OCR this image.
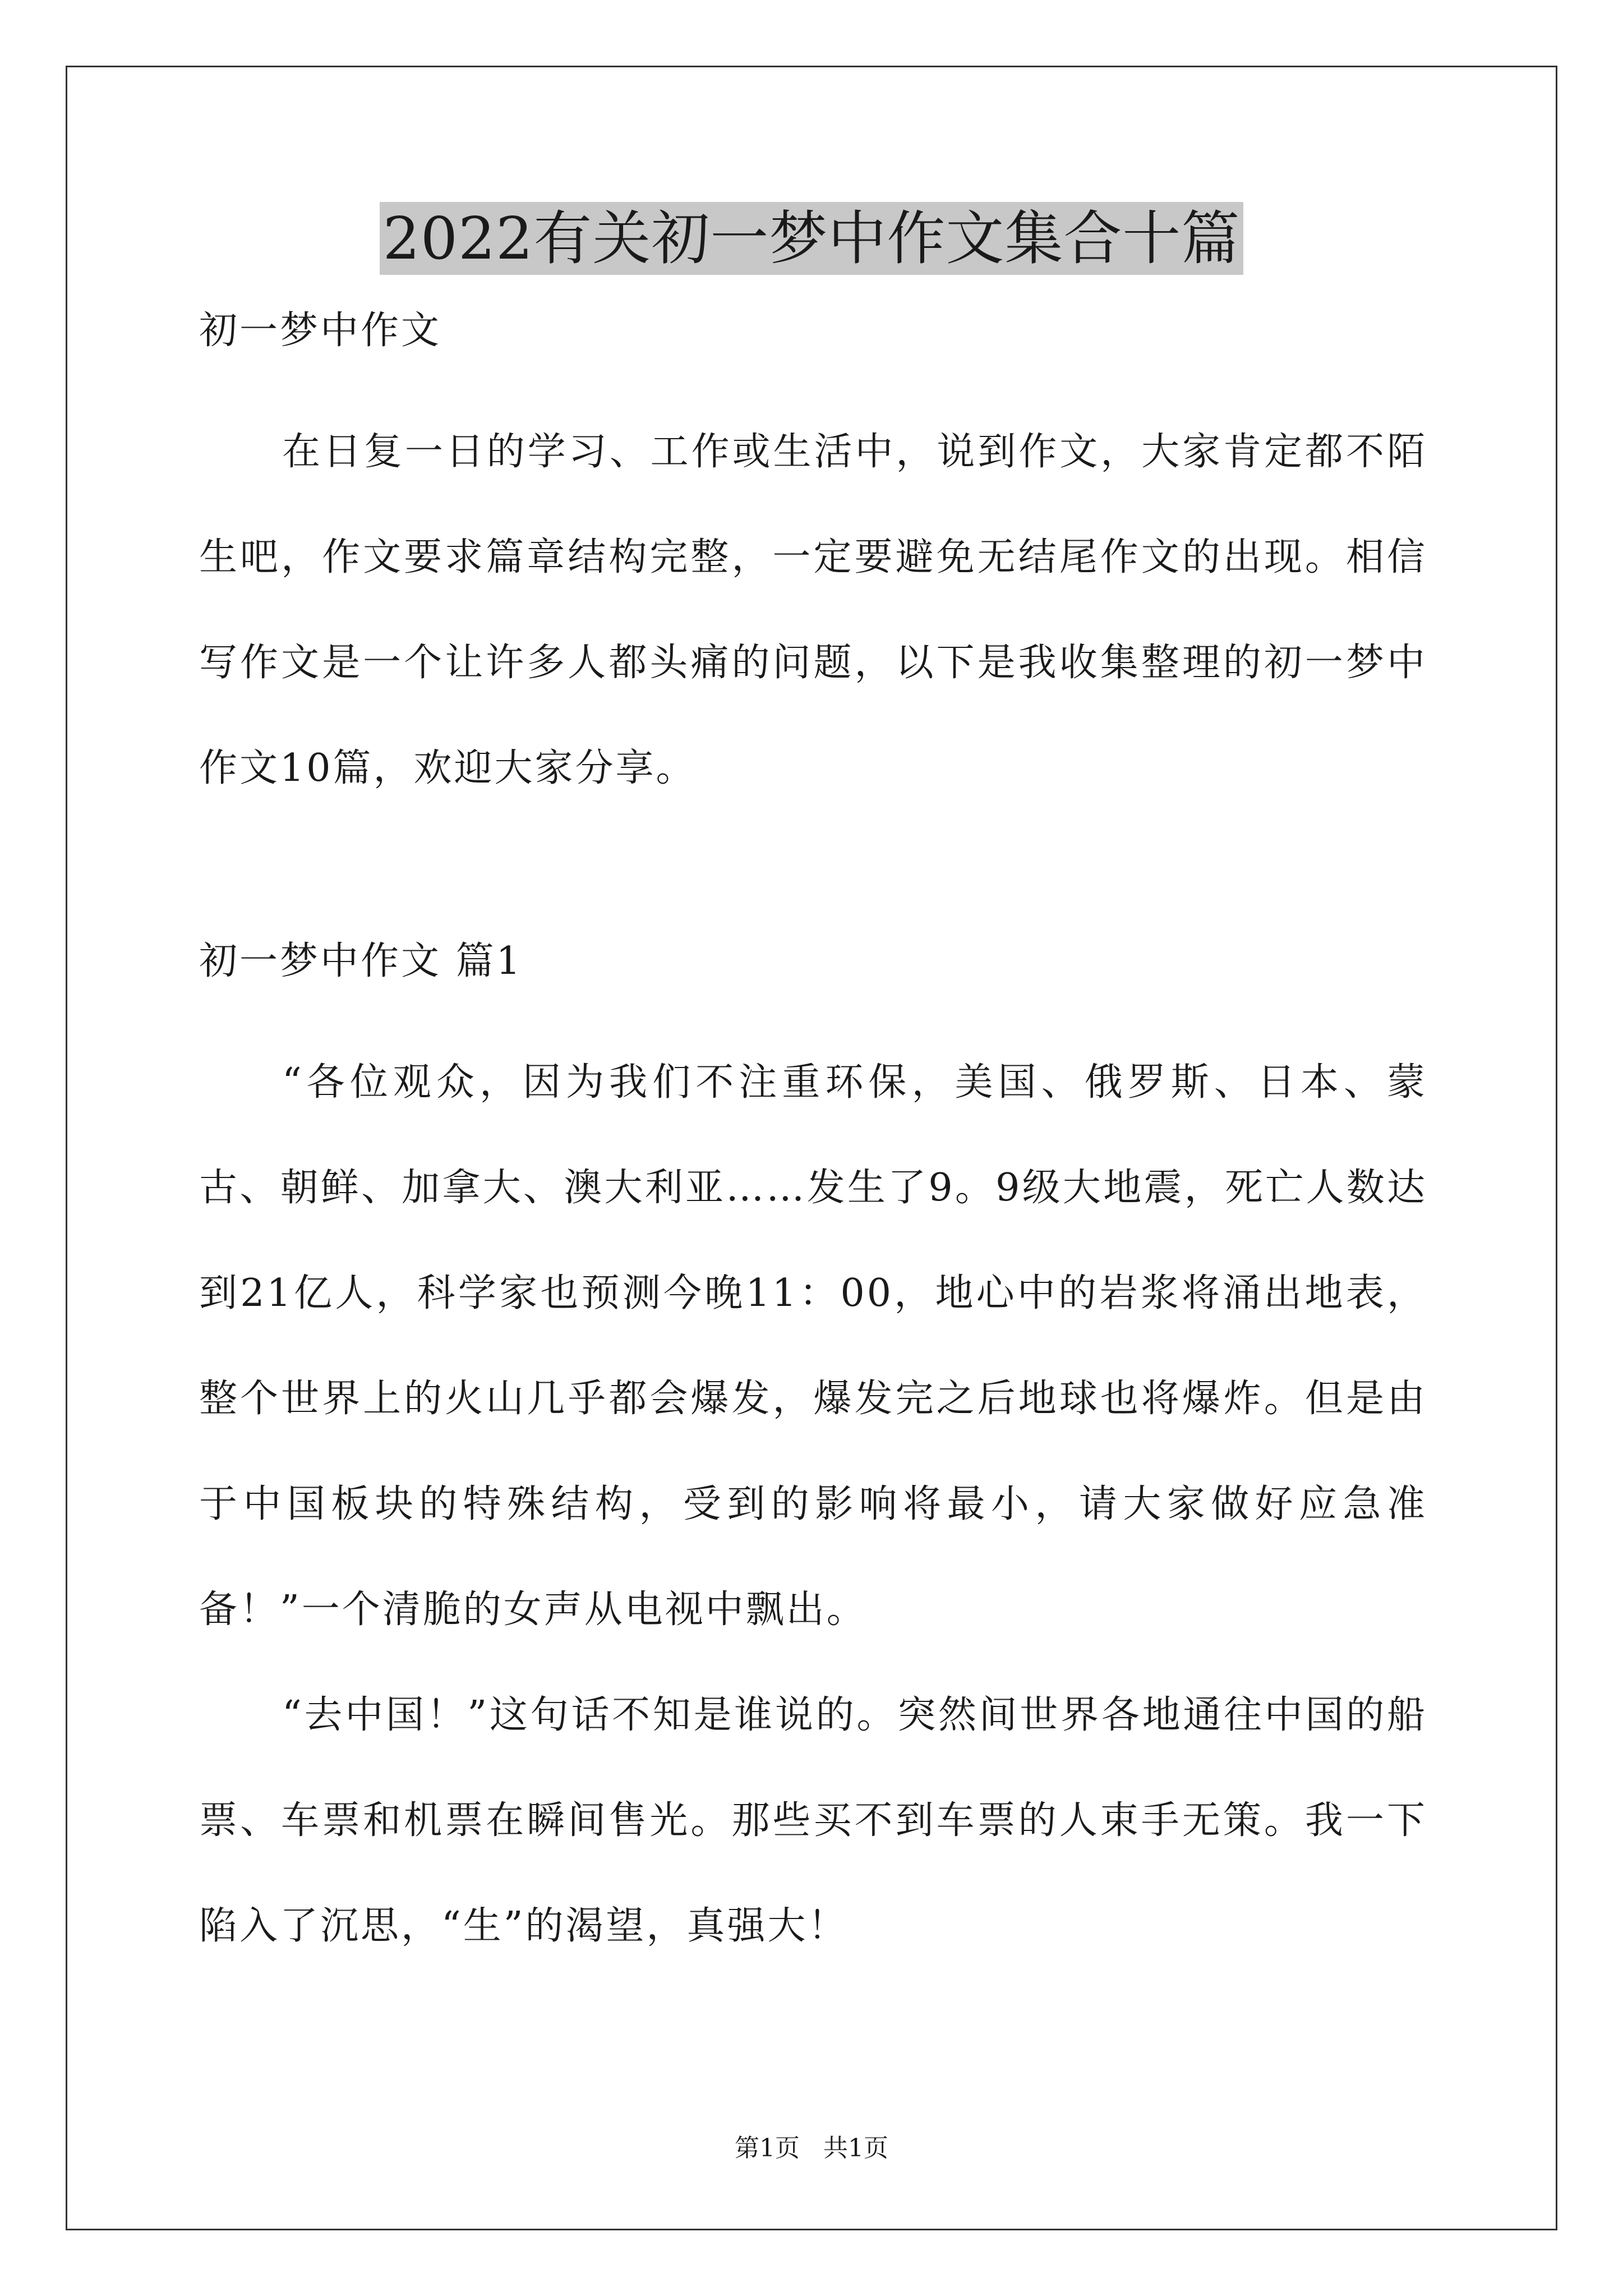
2022有关初一梦中作文集合十篇

初一梦中作文

在日复一日的学习、工作或生活中，说到作文，大家肯定都不陌生吧，作文要求篇章结构完整，一定要避免无结尾作文的出现。相信写作文是一个让许多人都头痛的问题，以下是我收集整理的初一梦中作文10篇，欢迎大家分享。

初一梦中作文 篇1

“各位观众，因为我们不注重环保，美国、俄罗斯、日本、蒙古、朝鲜、加拿大、澳大利亚……发生了9。9级大地震，死亡人数达到21亿人，科学家也预测今晚11：00，地心中的岩浆将涌出地表，整个世界上的火山几乎都会爆发，爆发完之后地球也将爆炸。但是由于中国板块的特殊结构，受到的影响将最小，请大家做好应急准备！”一个清脆的女声从电视中飘出。

“去中国！”这句话不知是谁说的。突然间世界各地通往中国的船票、车票和机票在瞬间售光。那些买不到车票的人束手无策。我一下陷入了沉思，“生”的渴望，真强大！

第1页 共1页
